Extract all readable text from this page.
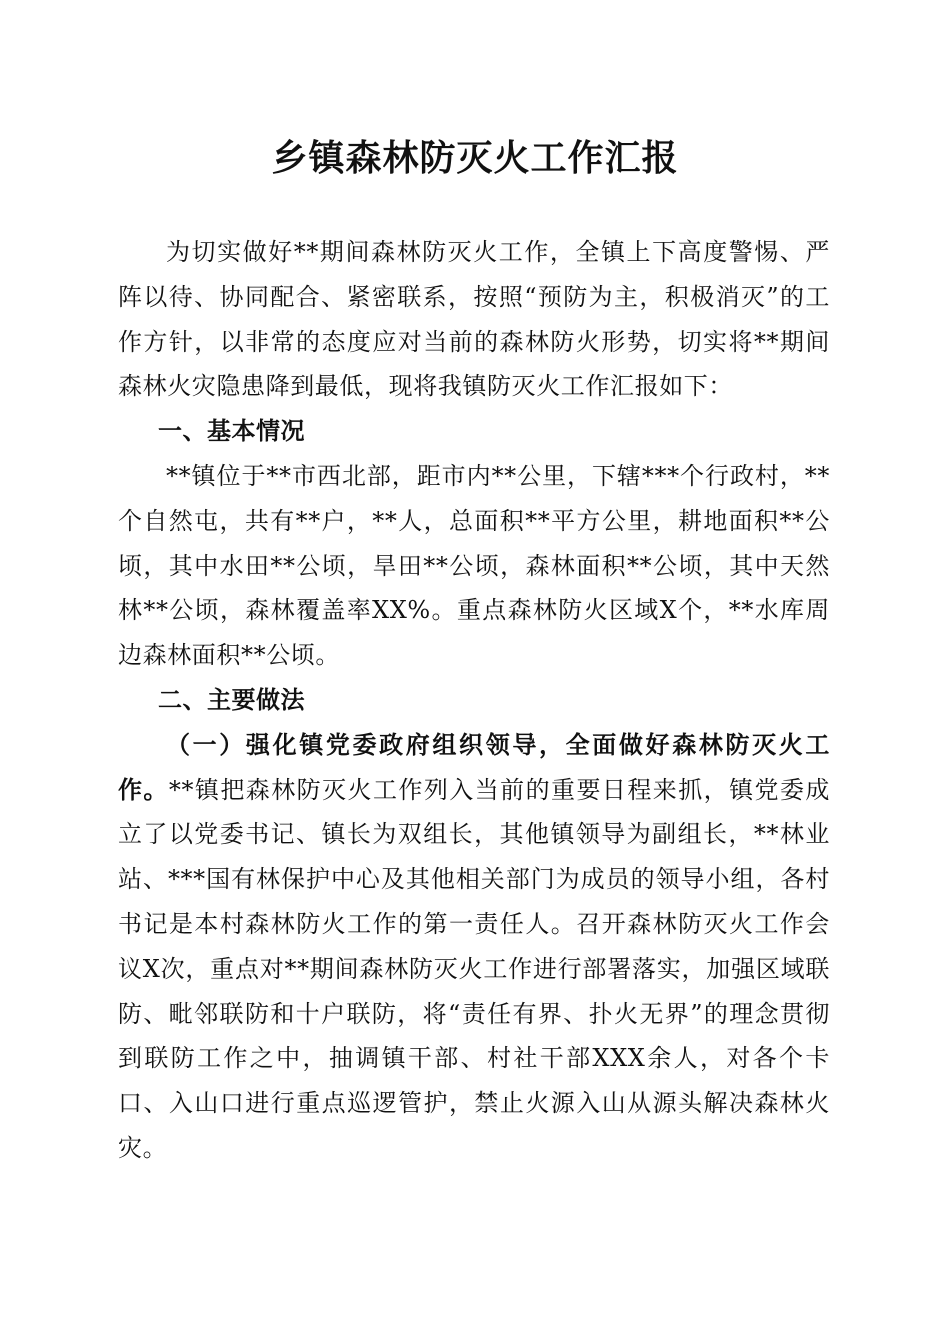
乡镇森林防灭火工作汇报

为切实做好**期间森林防灭火工作，全镇上下高度警惕、严阵以待、协同配合、紧密联系，按照“预防为主，积极消灭”的工作方针，以非常的态度应对当前的森林防火形势，切实将**期间森林火灾隐患降到最低，现将我镇防灭火工作汇报如下：

一、基本情况

**镇位于**市西北部，距市内**公里，下辖***个行政村，**个自然屯，共有**户，**人，总面积**平方公里，耕地面积**公顷，其中水田**公顷，旱田**公顷，森林面积**公顷，其中天然林**公顷，森林覆盖率XX%。重点森林防火区域X个，**水库周边森林面积**公顷。

二、主要做法

（一）强化镇党委政府组织领导，全面做好森林防灭火工作。**镇把森林防灭火工作列入当前的重要日程来抓，镇党委成立了以党委书记、镇长为双组长，其他镇领导为副组长，**林业站、***国有林保护中心及其他相关部门为成员的领导小组，各村书记是本村森林防火工作的第一责任人。召开森林防灭火工作会议X次，重点对**期间森林防灭火工作进行部署落实，加强区域联防、毗邻联防和十户联防，将“责任有界、扑火无界”的理念贯彻到联防工作之中，抽调镇干部、村社干部XXX余人，对各个卡口、入山口进行重点巡逻管护，禁止火源入山从源头解决森林火灾。
